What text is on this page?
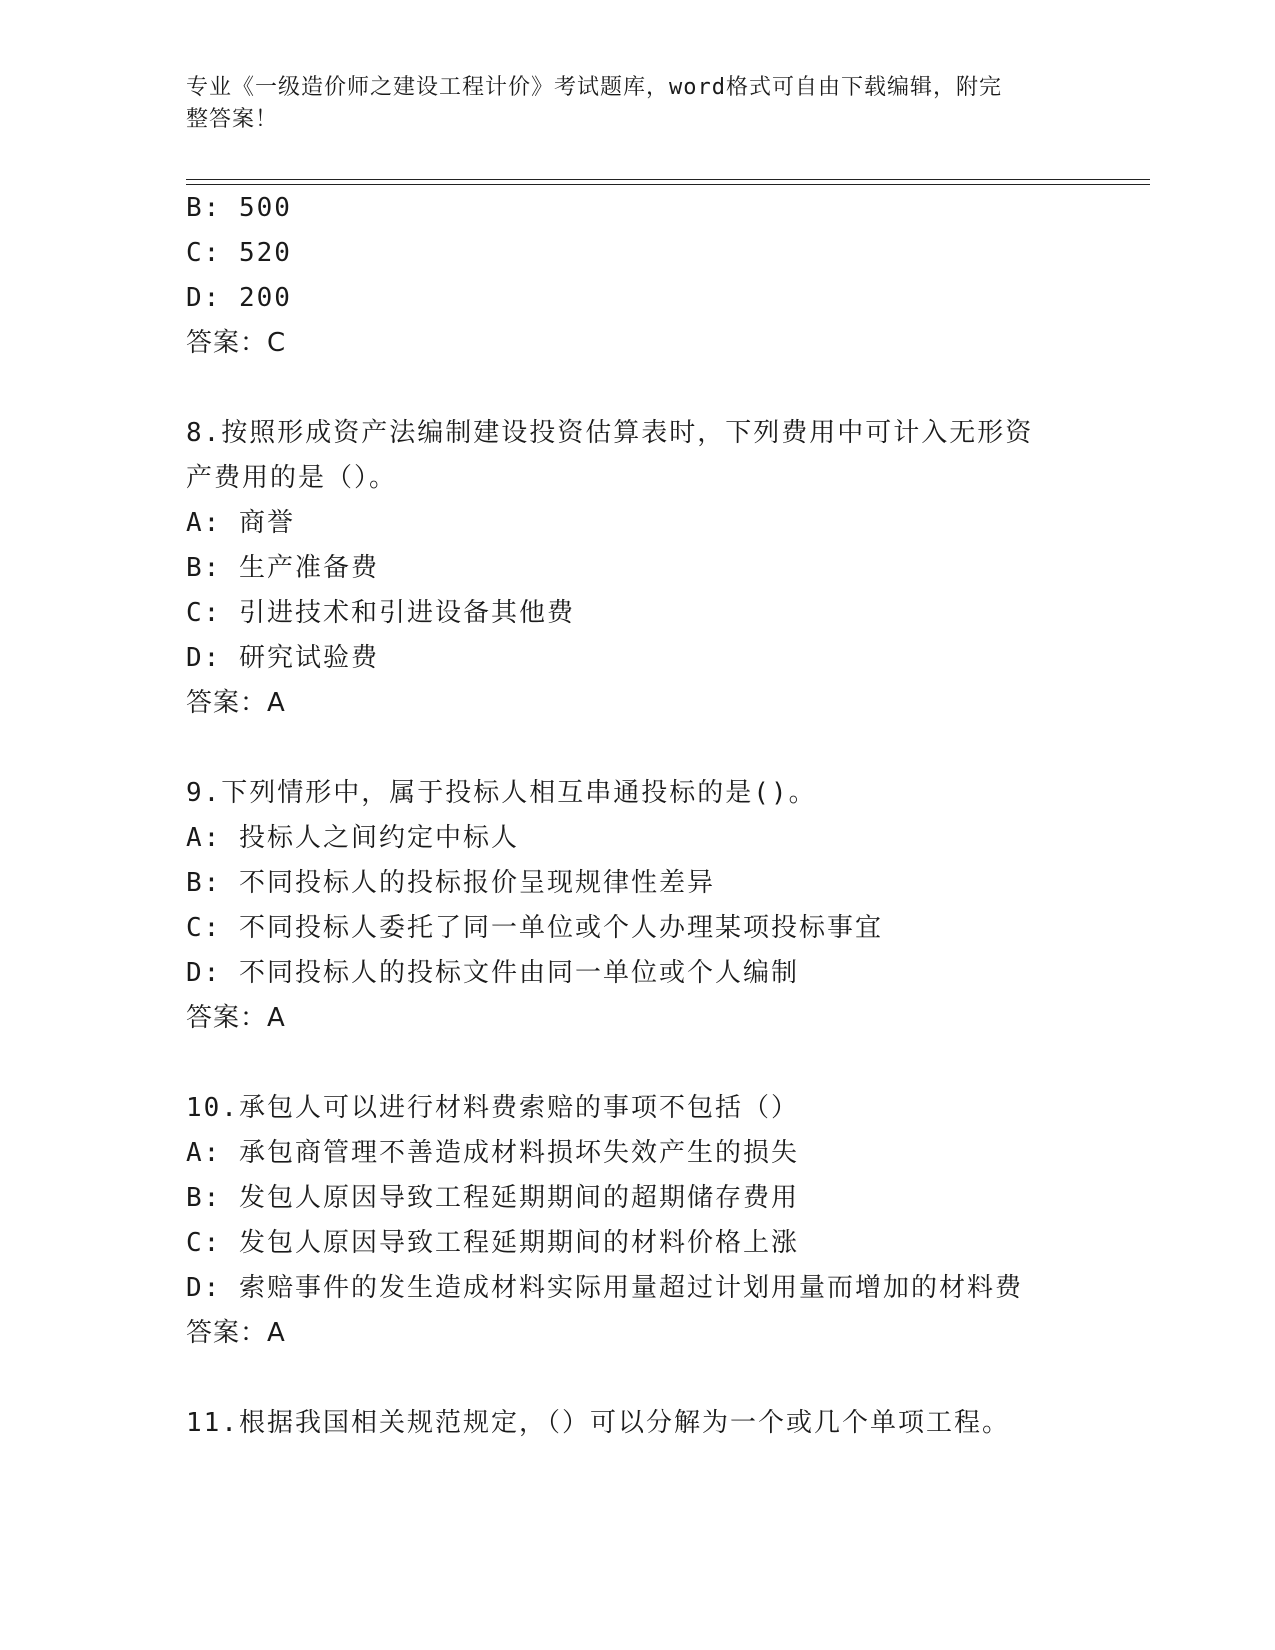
专业《一级造价师之建设工程计价》考试题库，word格式可自由下载编辑，附完
整答案！
B: 500
C: 520
D: 200
答案：C
8.按照形成资产法编制建设投资估算表时，下列费用中可计入无形资
产费用的是（）。
A: 商誉
B: 生产准备费
C: 引进技术和引进设备其他费
D: 研究试验费
答案：A
9.下列情形中，属于投标人相互串通投标的是()。
A: 投标人之间约定中标人
B: 不同投标人的投标报价呈现规律性差异
C: 不同投标人委托了同一单位或个人办理某项投标事宜
D: 不同投标人的投标文件由同一单位或个人编制
答案：A
10.承包人可以进行材料费索赔的事项不包括（）
A: 承包商管理不善造成材料损坏失效产生的损失
B: 发包人原因导致工程延期期间的超期储存费用
C: 发包人原因导致工程延期期间的材料价格上涨
D: 索赔事件的发生造成材料实际用量超过计划用量而增加的材料费
答案：A
11.根据我国相关规范规定，（）可以分解为一个或几个单项工程。
